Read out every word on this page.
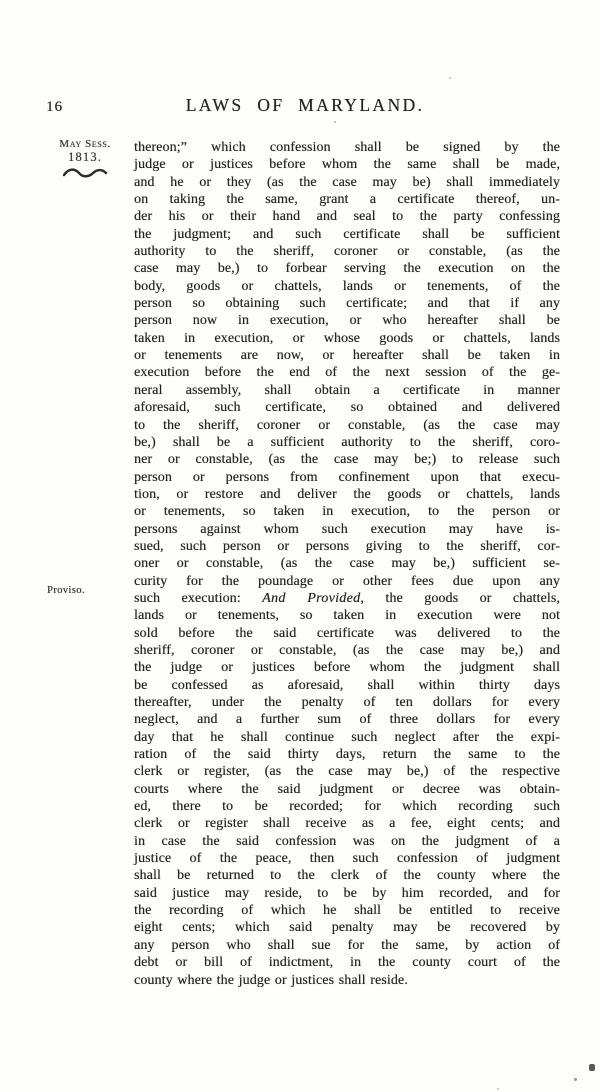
16	LAWS OF MARYLAND.
May Sess.
1813.
Proviso.
thereon;” which confession shall be signed by the
judge or justices before whom the same shall be made,
and he or they (as the case may be) shall immediately
on taking the same, grant a certificate thereof, un-
der his or their hand and seal to the party confessing
the judgment; and such certificate shall be sufficient
authority to the sheriff, coroner or constable, (as the
case may be,) to forbear serving the execution on the
body, goods or chattels, lands or tenements, of the
person so obtaining such certificate; and that if any
person now in execution, or who hereafter shall be
taken in execution, or whose goods or chattels, lands
or tenements are now, or hereafter shall be taken in
execution before the end of the next session of the ge-
neral assembly, shall obtain a certificate in manner
aforesaid, such certificate, so obtained and delivered
to the sheriff, coroner or constable, (as the case may
be,) shall be a sufficient authority to the sheriff, coro-
ner or constable, (as the case may be;) to release such
person or persons from confinement upon that execu-
tion, or restore and deliver the goods or chattels, lands
or tenements, so taken in execution, to the person or
persons against whom such execution may have is-
sued, such person or persons giving to the sheriff, cor-
oner or constable, (as the case may be,) sufficient se-
curity for the poundage or other fees due upon any
such execution: And Provided, the goods or chattels,
lands or tenements, so taken in execution were not
sold before the said certificate was delivered to the
sheriff, coroner or constable, (as the case may be,) and
the judge or justices before whom the judgment shall
be confessed as aforesaid, shall within thirty days
thereafter, under the penalty of ten dollars for every
neglect, and a further sum of three dollars for every
day that he shall continue such neglect after the expi-
ration of the said thirty days, return the same to the
clerk or register, (as the case may be,) of the respective
courts where the said judgment or decree was obtain-
ed, there to be recorded; for which recording such
clerk or register shall receive as a fee, eight cents; and
in case the said confession was on the judgment of a
justice of the peace, then such confession of judgment
shall be returned to the clerk of the county where the
said justice may reside, to be by him recorded, and for
the recording of which he shall be entitled to receive
eight cents; which said penalty may be recovered by
any person who shall sue for the same, by action of
debt or bill of indictment, in the county court of the
county where the judge or justices shall reside.
